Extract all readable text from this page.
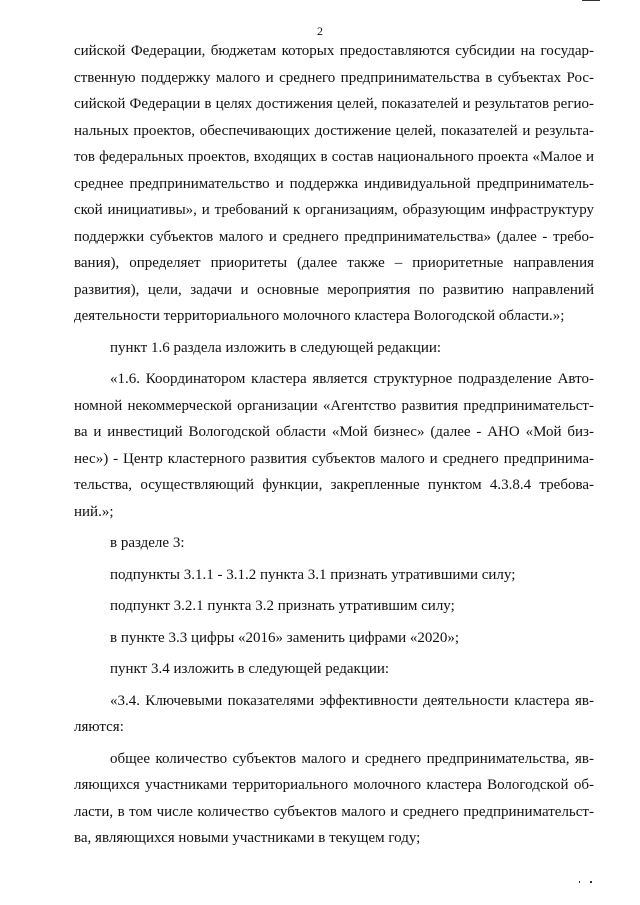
2

сийской Федерации, бюджетам которых предоставляются субсидии на государственную поддержку малого и среднего предпринимательства в субъектах Российской Федерации в целях достижения целей, показателей и результатов региональных проектов, обеспечивающих достижение целей, показателей и результатов федеральных проектов, входящих в состав национального проекта «Малое и среднее предпринимательство и поддержка индивидуальной предпринимательской инициативы», и требований к организациям, образующим инфраструктуру поддержки субъектов малого и среднего предпринимательства» (далее - требования), определяет приоритеты (далее также – приоритетные направления развития), цели, задачи и основные мероприятия по развитию направлений деятельности территориального молочного кластера Вологодской области.»;

пункт 1.6 раздела изложить в следующей редакции:

«1.6. Координатором кластера является структурное подразделение Автономной некоммерческой организации «Агентство развития предпринимательства и инвестиций Вологодской области «Мой бизнес» (далее - АНО «Мой бизнес») - Центр кластерного развития субъектов малого и среднего предпринимательства, осуществляющий функции, закрепленные пунктом 4.3.8.4 требований.»;

в разделе 3:

подпункты 3.1.1 - 3.1.2 пункта 3.1 признать утратившими силу;

подпункт 3.2.1 пункта 3.2 признать утратившим силу;

в пункте 3.3 цифры «2016» заменить цифрами «2020»;

пункт 3.4 изложить в следующей редакции:

«3.4. Ключевыми показателями эффективности деятельности кластера являются:

общее количество субъектов малого и среднего предпринимательства, являющихся участниками территориального молочного кластера Вологодской области, в том числе количество субъектов малого и среднего предпринимательства, являющихся новыми участниками в текущем году;
